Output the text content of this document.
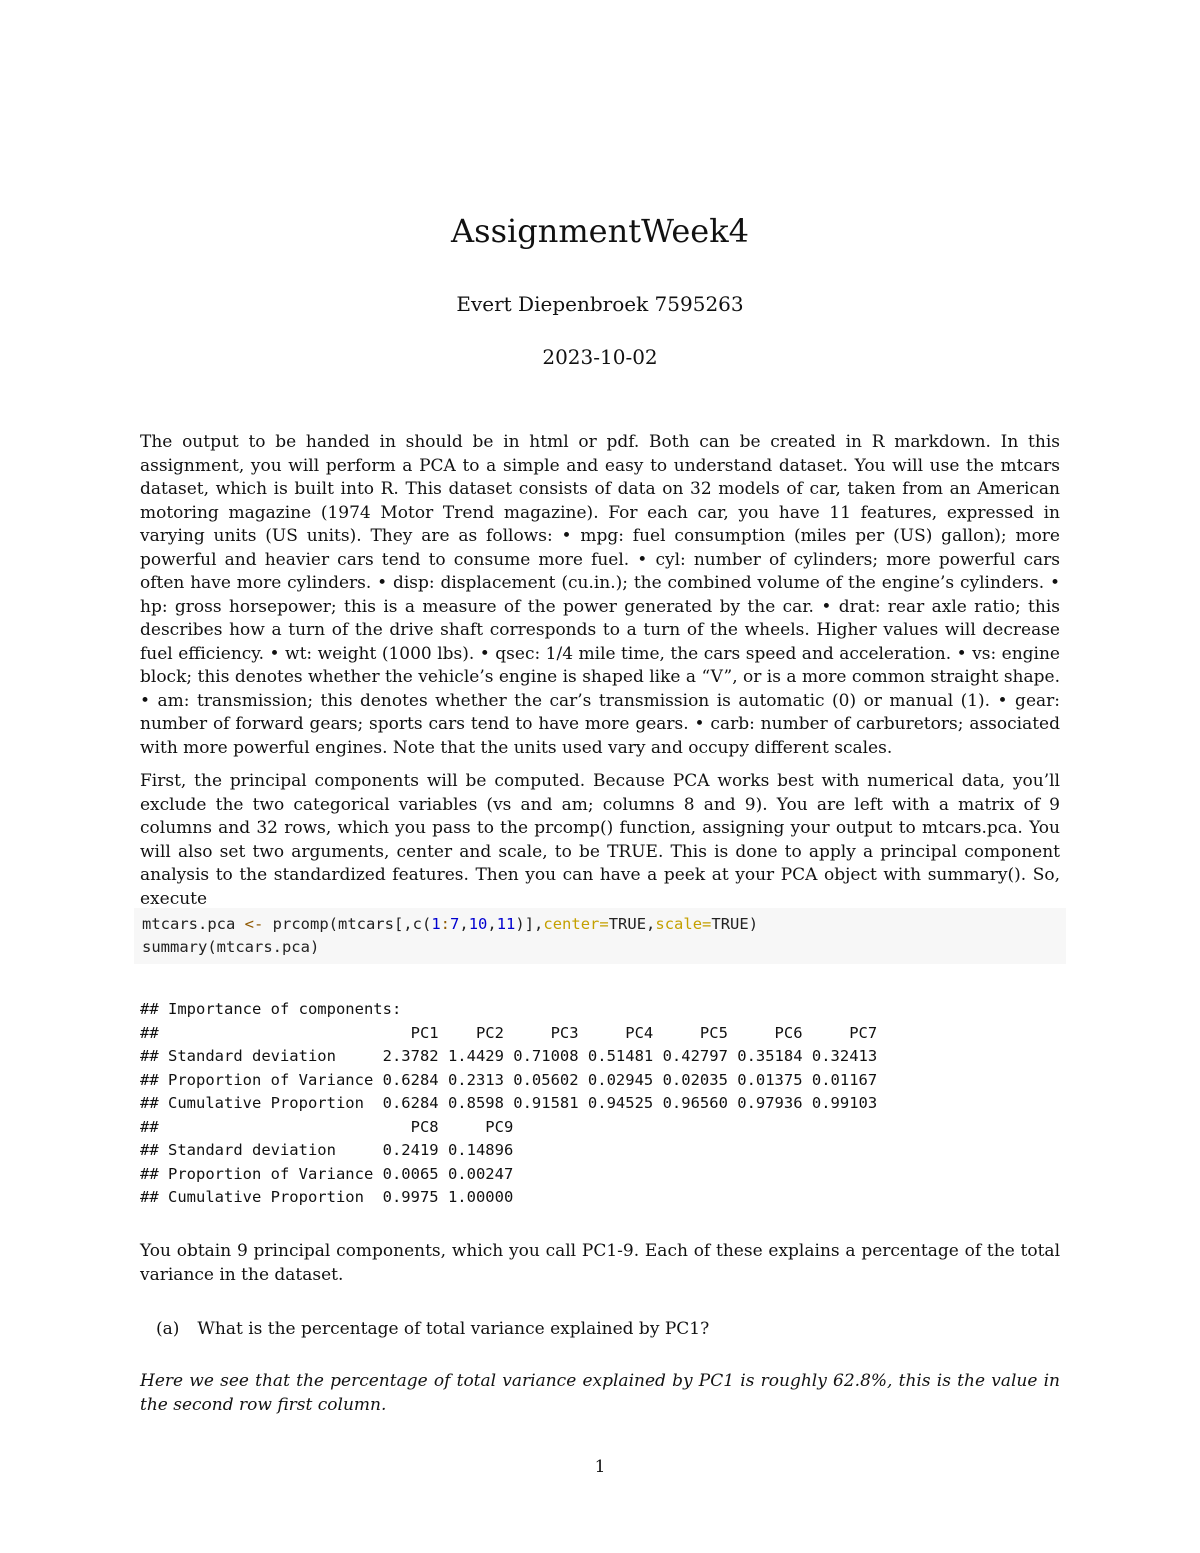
AssignmentWeek4
Evert Diepenbroek 7595263
2023-10-02

The output to be handed in should be in html or pdf. Both can be created in R markdown. In this assignment, you will perform a PCA to a simple and easy to understand dataset. You will use the mtcars dataset, which is built into R. This dataset consists of data on 32 models of car, taken from an American motoring magazine (1974 Motor Trend magazine). For each car, you have 11 features, expressed in varying units (US units). They are as follows: • mpg: fuel consumption (miles per (US) gallon); more powerful and heavier cars tend to consume more fuel. • cyl: number of cylinders; more powerful cars often have more cylinders. • disp: displacement (cu.in.); the combined volume of the engine’s cylinders. • hp: gross horsepower; this is a measure of the power generated by the car. • drat: rear axle ratio; this describes how a turn of the drive shaft corresponds to a turn of the wheels. Higher values will decrease fuel efficiency. • wt: weight (1000 lbs). • qsec: 1/4 mile time, the cars speed and acceleration. • vs: engine block; this denotes whether the vehicle’s engine is shaped like a “V”, or is a more common straight shape. • am: transmission; this denotes whether the car’s transmission is automatic (0) or manual (1). • gear: number of forward gears; sports cars tend to have more gears. • carb: number of carburetors; associated with more powerful engines. Note that the units used vary and occupy different scales.

First, the principal components will be computed. Because PCA works best with numerical data, you’ll exclude the two categorical variables (vs and am; columns 8 and 9). You are left with a matrix of 9 columns and 32 rows, which you pass to the prcomp() function, assigning your output to mtcars.pca. You will also set two arguments, center and scale, to be TRUE. This is done to apply a principal component analysis to the standardized features. Then you can have a peek at your PCA object with summary(). So, execute

mtcars.pca <- prcomp(mtcars[,c(1:7,10,11)],center=TRUE,scale=TRUE)
summary(mtcars.pca)
## Importance of components:
##                           PC1    PC2     PC3     PC4     PC5     PC6     PC7
## Standard deviation     2.3782 1.4429 0.71008 0.51481 0.42797 0.35184 0.32413
## Proportion of Variance 0.6284 0.2313 0.05602 0.02945 0.02035 0.01375 0.01167
## Cumulative Proportion  0.6284 0.8598 0.91581 0.94525 0.96560 0.97936 0.99103
##                           PC8     PC9
## Standard deviation     0.2419 0.14896
## Proportion of Variance 0.0065 0.00247
## Cumulative Proportion  0.9975 1.00000

You obtain 9 principal components, which you call PC1-9. Each of these explains a percentage of the total variance in the dataset.

(a) What is the percentage of total variance explained by PC1?

Here we see that the percentage of total variance explained by PC1 is roughly 62.8%, this is the value in the second row first column.

1
